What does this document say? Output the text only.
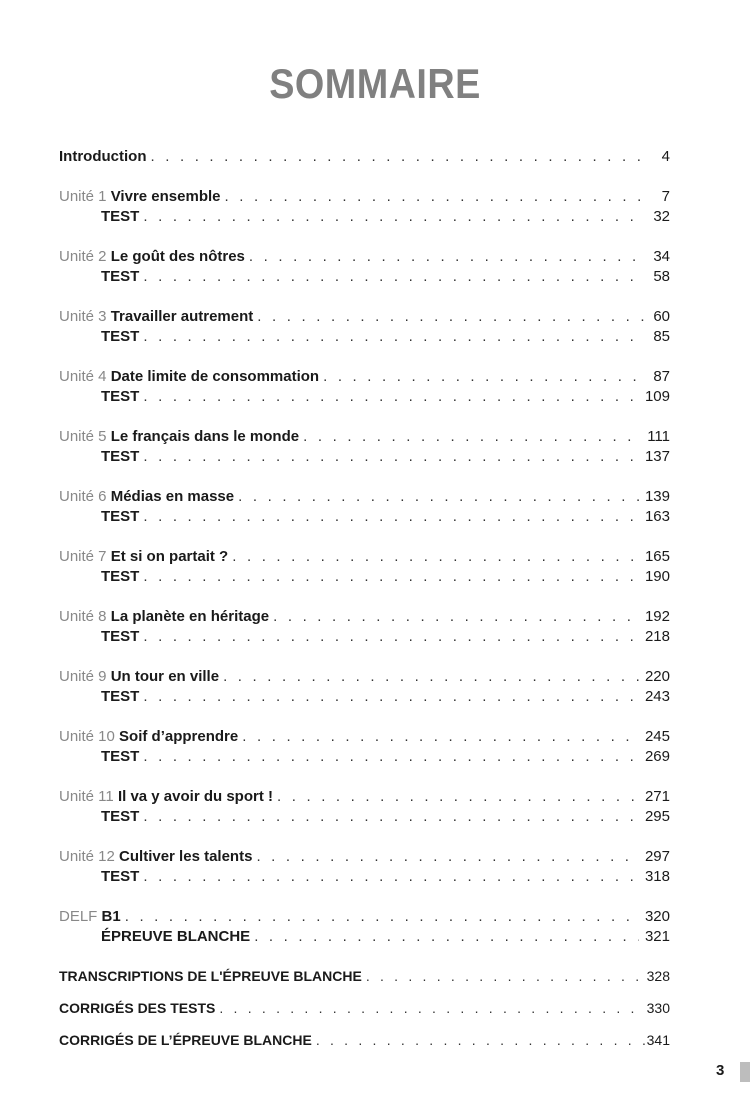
SOMMAIRE
Introduction . . .	4
Unité 1 Vivre ensemble . . .	7
TEST . . .	32
Unité 2 Le goût des nôtres . . .	34
TEST . . .	58
Unité 3 Travailler autrement . . .	60
TEST . . .	85
Unité 4 Date limite de consommation . . .	87
TEST . . .	109
Unité 5 Le français dans le monde . . .	111
TEST . . .	137
Unité 6 Médias en masse . . .	139
TEST . . .	163
Unité 7 Et si on partait ? . . .	165
TEST . . .	190
Unité 8 La planète en héritage . . .	192
TEST . . .	218
Unité 9 Un tour en ville . . .	220
TEST . . .	243
Unité 10 Soif d’apprendre . . .	245
TEST . . .	269
Unité 11 Il va y avoir du sport ! . . .	271
TEST . . .	295
Unité 12 Cultiver les talents . . .	297
TEST . . .	318
DELF B1 . . .	320
ÉPREUVE BLANCHE . . .	321
TRANSCRIPTIONS DE L'ÉPREUVE BLANCHE . . .	328
CORRIGÉS DES TESTS . . .	330
CORRIGÉS DE L’ÉPREUVE BLANCHE . . .	341
3
